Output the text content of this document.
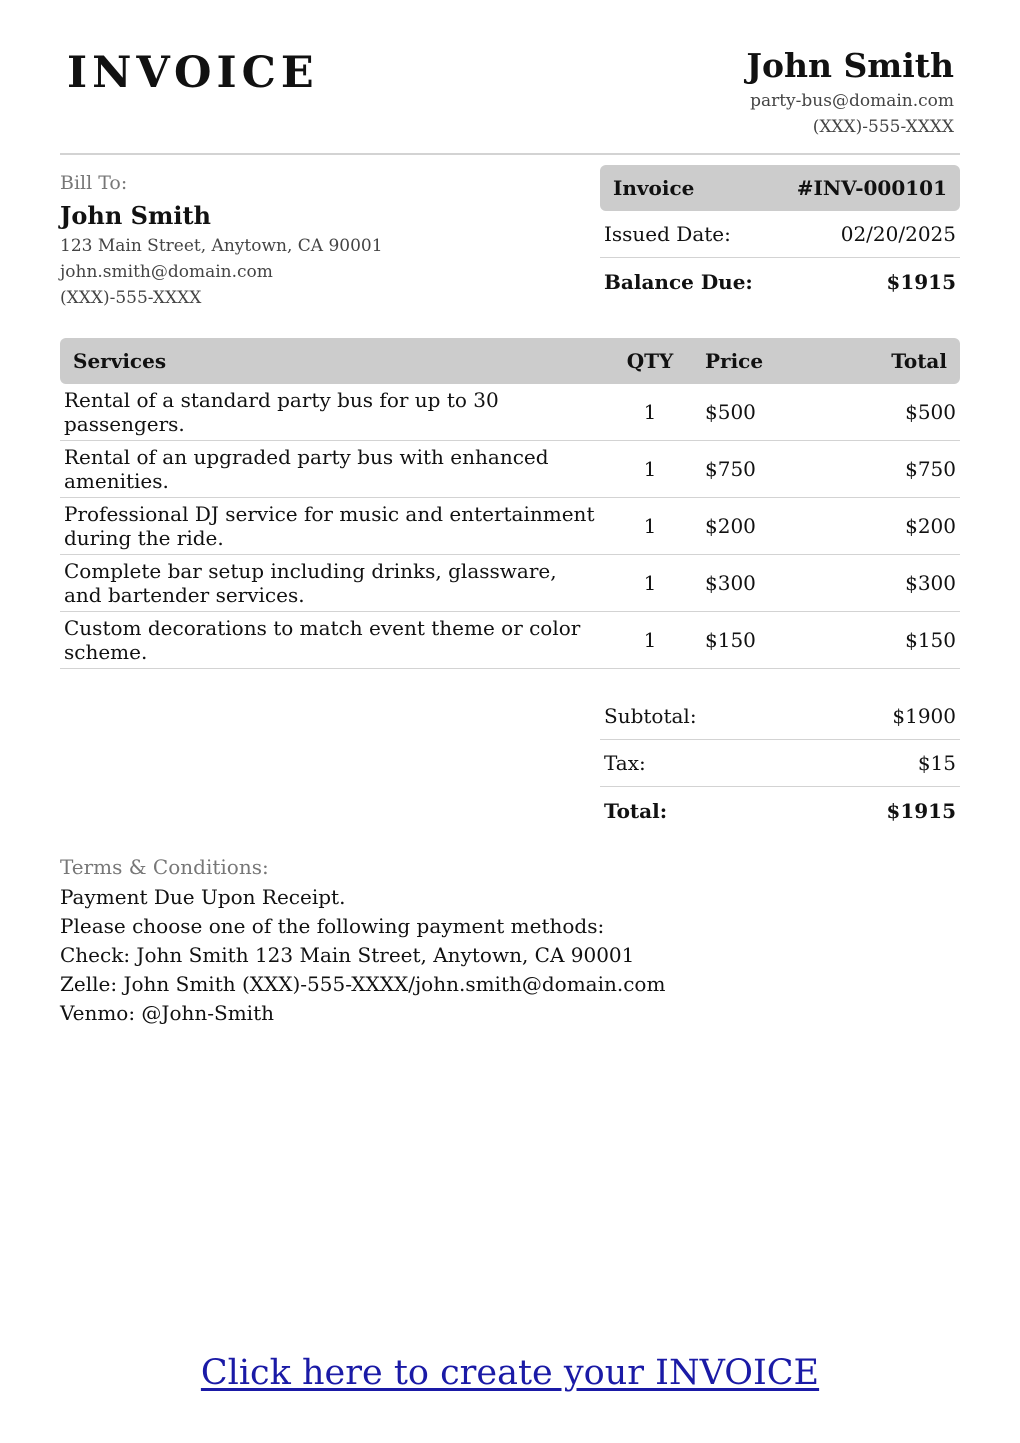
INVOICE	John Smith
party-bus@domain.com
(XXX)-555-XXXX
Bill To:
John Smith
123 Main Street, Anytown, CA 90001
john.smith@domain.com
(XXX)-555-XXXX
Invoice	#INV-000101
Issued Date:	02/20/2025
Balance Due:	$1915
Services	QTY	Price	Total
Rental of a standard party bus for up to 30 passengers.	1	$500	$500
Rental of an upgraded party bus with enhanced amenities.	1	$750	$750
Professional DJ service for music and entertainment during the ride.	1	$200	$200
Complete bar setup including drinks, glassware, and bartender services.	1	$300	$300
Custom decorations to match event theme or color scheme.	1	$150	$150
Subtotal:	$1900
Tax:	$15
Total:	$1915
Terms & Conditions:
Payment Due Upon Receipt.
Please choose one of the following payment methods:
Check: John Smith 123 Main Street, Anytown, CA 90001
Zelle: John Smith (XXX)-555-XXXX/john.smith@domain.com
Venmo: @John-Smith
Click here to create your INVOICE
